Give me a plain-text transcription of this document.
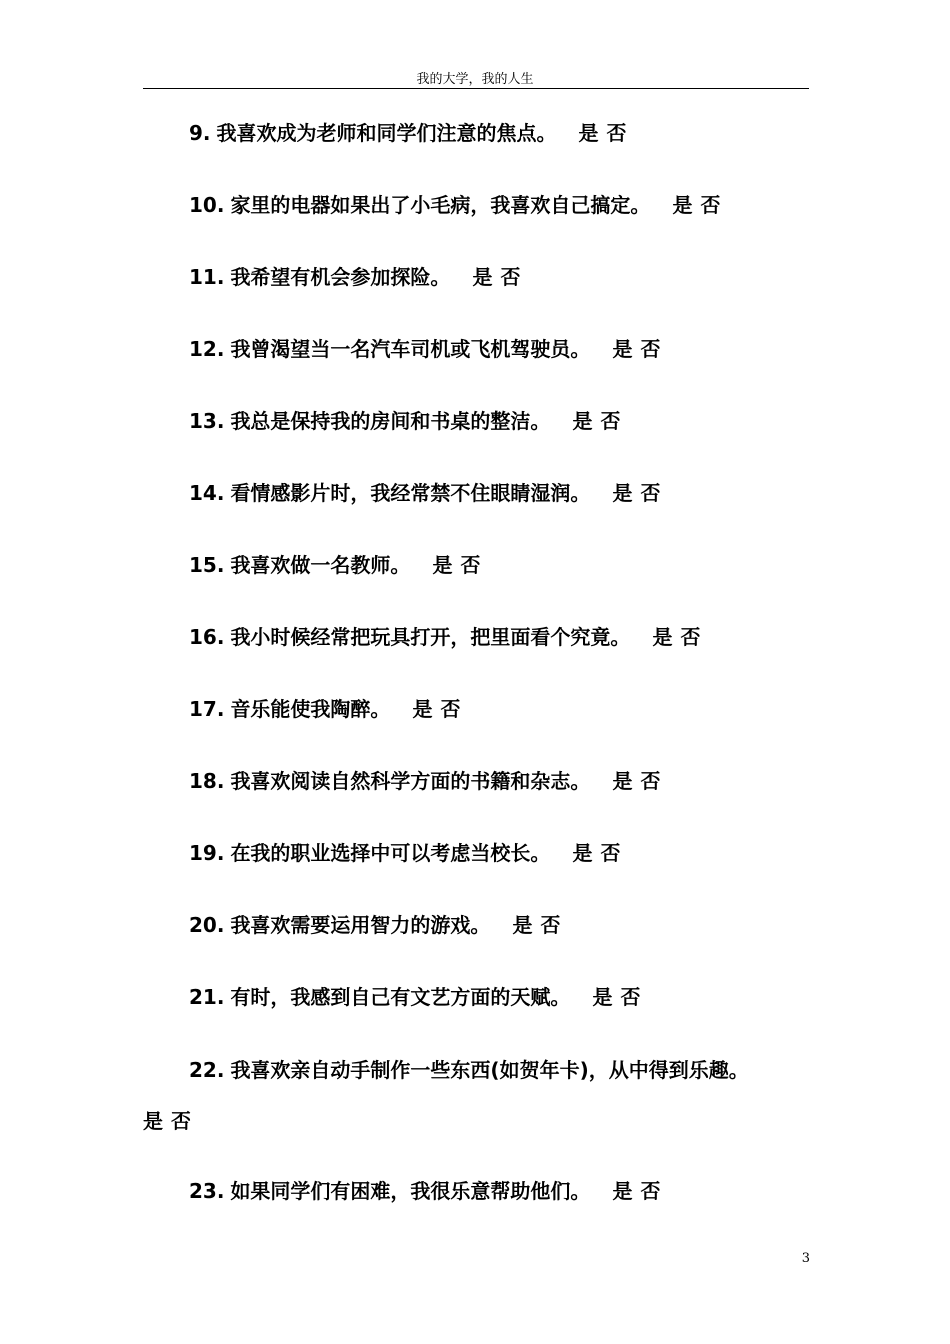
我的大学，我的人生
9. 我喜欢成为老师和同学们注意的焦点。 是 否
10. 家里的电器如果出了小毛病，我喜欢自己搞定。 是 否
11. 我希望有机会参加探险。 是 否
12. 我曾渴望当一名汽车司机或飞机驾驶员。 是 否
13. 我总是保持我的房间和书桌的整洁。 是 否
14. 看情感影片时，我经常禁不住眼睛湿润。 是 否
15. 我喜欢做一名教师。 是 否
16. 我小时候经常把玩具打开，把里面看个究竟。 是 否
17. 音乐能使我陶醉。 是 否
18. 我喜欢阅读自然科学方面的书籍和杂志。 是 否
19. 在我的职业选择中可以考虑当校长。 是 否
20. 我喜欢需要运用智力的游戏。 是 否
21. 有时，我感到自己有文艺方面的天赋。 是 否
22. 我喜欢亲自动手制作一些东西(如贺年卡)，从中得到乐趣。
是 否
23. 如果同学们有困难，我很乐意帮助他们。 是 否
3
